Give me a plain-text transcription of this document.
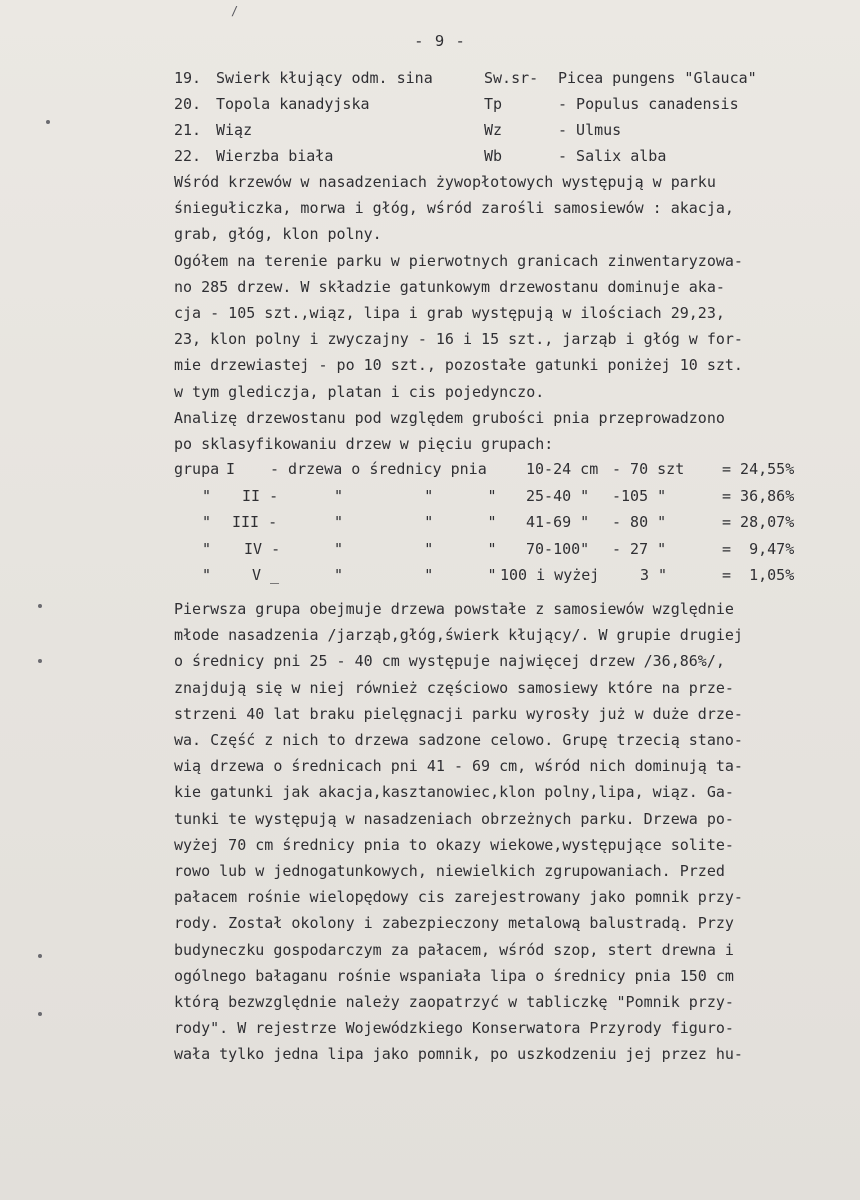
/
- 9 -
19. Swierk kłujący odm. sina	Sw.sr- Picea pungens "Glauca"
20. Topola kanadyjska	Tp	- Populus canadensis
21. Wiąz	Wz	- Ulmus
22. Wierzba biała	Wb	- Salix alba
Wśród krzewów w nasadzeniach żywopłotowych występują w parku
śniegułiczka, morwa i głóg, wśród zarośli samosiewów : akacja,
grab, głóg, klon polny.
Ogółem na terenie parku w pierwotnych granicach zinwentaryzowa-
no 285 drzew. W składzie gatunkowym drzewostanu dominuje aka-
cja - 105 szt.,wiąz, lipa i grab występują w ilościach 29,23,
23, klon polny i zwyczajny - 16 i 15 szt., jarząb i głóg w for-
mie drzewiastej - po 10 szt., pozostałe gatunki poniżej 10 szt.
w tym glediczja, platan i cis pojedynczo.
Analizę drzewostanu pod względem grubości pnia przeprowadzono
po sklasyfikowaniu drzew w pięciu grupach:
grupa I - drzewa o średnicy pnia	10-24 cm - 70 szt	= 24,55%
" II -	"         "      " 25-40 " -105 "	= 36,86%
" III -	"         "      " 41-69 " - 80 "	= 28,07%
" IV -	"         "      " 70-100" - 27 "	=  9,47%
"	V _	"         "      " 100 i wyżej	3 "	=  1,05%
Pierwsza grupa obejmuje drzewa powstałe z samosiewów względnie
młode nasadzenia /jarząb,głóg,świerk kłujący/. W grupie drugiej
o średnicy pni 25 - 40 cm występuje najwięcej drzew /36,86%/,
znajdują się w niej również częściowo samosiewy które na prze-
strzeni 40 lat braku pielęgnacji parku wyrosły już w duże drze-
wa. Część z nich to drzewa sadzone celowo. Grupę trzecią stano-
wią drzewa o średnicach pni 41 - 69 cm, wśród nich dominują ta-
kie gatunki jak akacja,kasztanowiec,klon polny,lipa, wiąz. Ga-
tunki te występują w nasadzeniach obrzeżnych parku. Drzewa po-
wyżej 70 cm średnicy pnia to okazy wiekowe,występujące solite-
rowo lub w jednogatunkowych, niewielkich zgrupowaniach. Przed
pałacem rośnie wielopędowy cis zarejestrowany jako pomnik przy-
rody. Został okolony i zabezpieczony metalową balustradą. Przy
budyneczku gospodarczym za pałacem, wśród szop, stert drewna i
ogólnego bałaganu rośnie wspaniała lipa o średnicy pnia 150 cm
którą bezwzględnie należy zaopatrzyć w tabliczkę "Pomnik przy-
rody". W rejestrze Wojewódzkiego Konserwatora Przyrody figuro-
wała tylko jedna lipa jako pomnik, po uszkodzeniu jej przez hu-
